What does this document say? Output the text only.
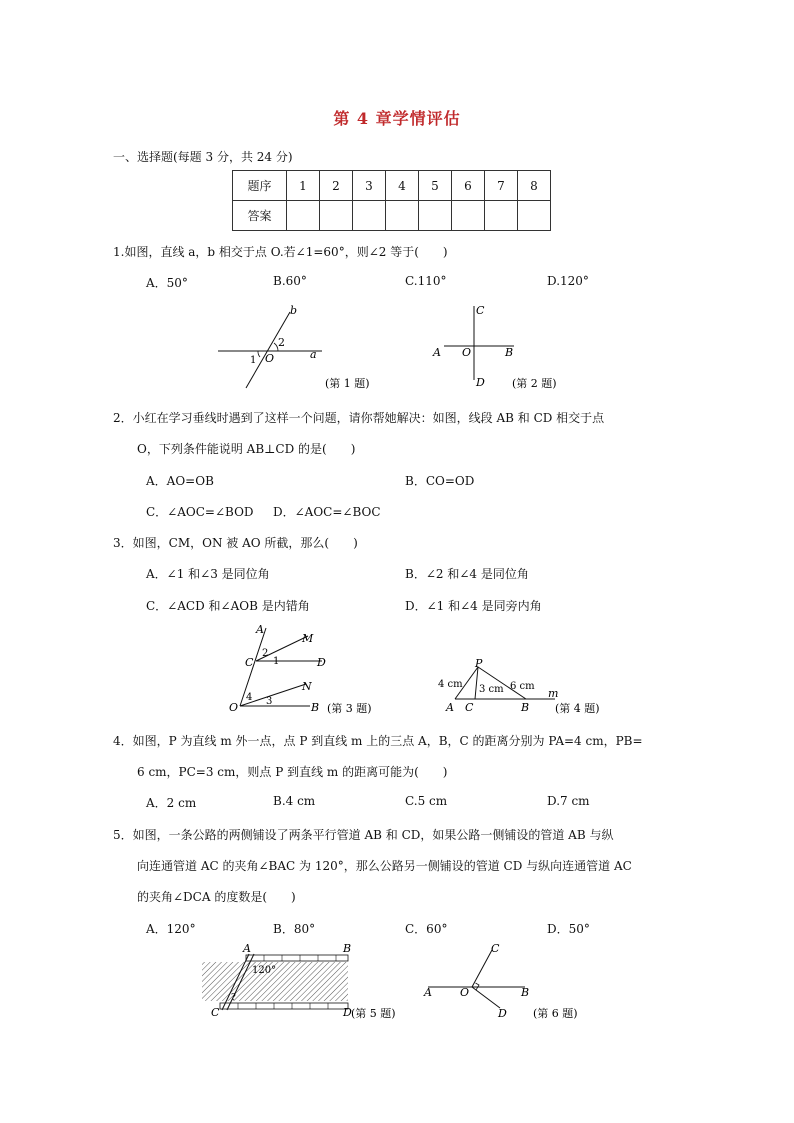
第 4 章学情评估
一、选择题(每题 3 分，共 24 分)
题序	1	2	3	4	5	6	7	8
答案								
1.如图，直线 a，b 相交于点 O.若∠1=60°，则∠2 等于(　　)
A．50°	B.60°	C.110°	D.120°
b
2
1 O	a
(第 1 题)
C
A O	B
D (第 2 题)
2．小红在学习垂线时遇到了这样一个问题，请你帮她解决：如图，线段 AB 和 CD 相交于点
O，下列条件能说明 AB⊥CD 的是(　　)
A．AO=OB	B．CO=OD
C．∠AOC=∠BOD D．∠AOC=∠BOC
3．如图，CM，ON 被 AO 所截，那么(　　)
A．∠1 和∠3 是同位角	B．∠2 和∠4 是同位角
C．∠ACD 和∠AOB 是内错角	D．∠1 和∠4 是同旁内角
A
M
C
2
1	D
N
O
4 3	B (第 3 题)
P
4 cm 3 cm 6 cm
m
A C	B (第 4 题)
4．如图，P 为直线 m 外一点，点 P 到直线 m 上的三点 A，B，C 的距离分别为 PA=4 cm，PB=
6 cm，PC=3 cm，则点 P 到直线 m 的距离可能为(　　)
A．2 cm	B.4 cm	C.5 cm	D.7 cm
5．如图，一条公路的两侧铺设了两条平行管道 AB 和 CD，如果公路一侧铺设的管道 AB 与纵
向连通管道 AC 的夹角∠BAC 为 120°，那么公路另一侧铺设的管道 CD 与纵向连通管道 AC
的夹角∠DCA 的度数是(　　)
A．120°	B．80°	C．60°	D．50°
A	B
120°
?
C	D (第 5 题)
C
A	O	B
D (第 6 题)
